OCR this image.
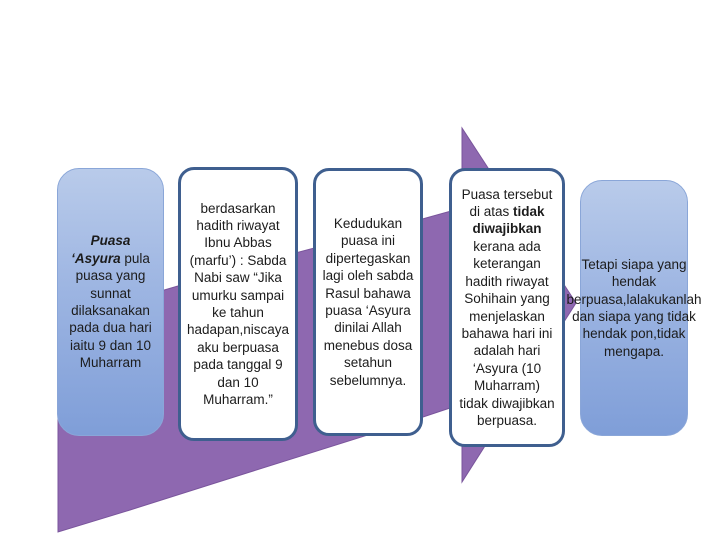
Puasa
‘Asyura pula puasa yang sunnat dilaksanakan pada dua hari iaitu 9 dan 10 Muharram
berdasarkan hadith riwayat Ibnu Abbas (marfu’) : Sabda Nabi saw “Jika umurku sampai ke tahun hadapan,niscaya aku berpuasa pada tanggal 9 dan 10 Muharram.”
Kedudukan puasa ini dipertegaskan lagi oleh sabda Rasul bahawa puasa ‘Asyura dinilai Allah menebus dosa setahun sebelumnya.
Puasa tersebut di atas tidak diwajibkan kerana ada keterangan hadith riwayat Sohihain yang menjelaskan bahawa hari ini adalah hari ‘Asyura (10 Muharram) tidak diwajibkan berpuasa.
Tetapi siapa yang hendak berpuasa,lalakukanlah dan siapa yang tidak hendak pon,tidak mengapa.
